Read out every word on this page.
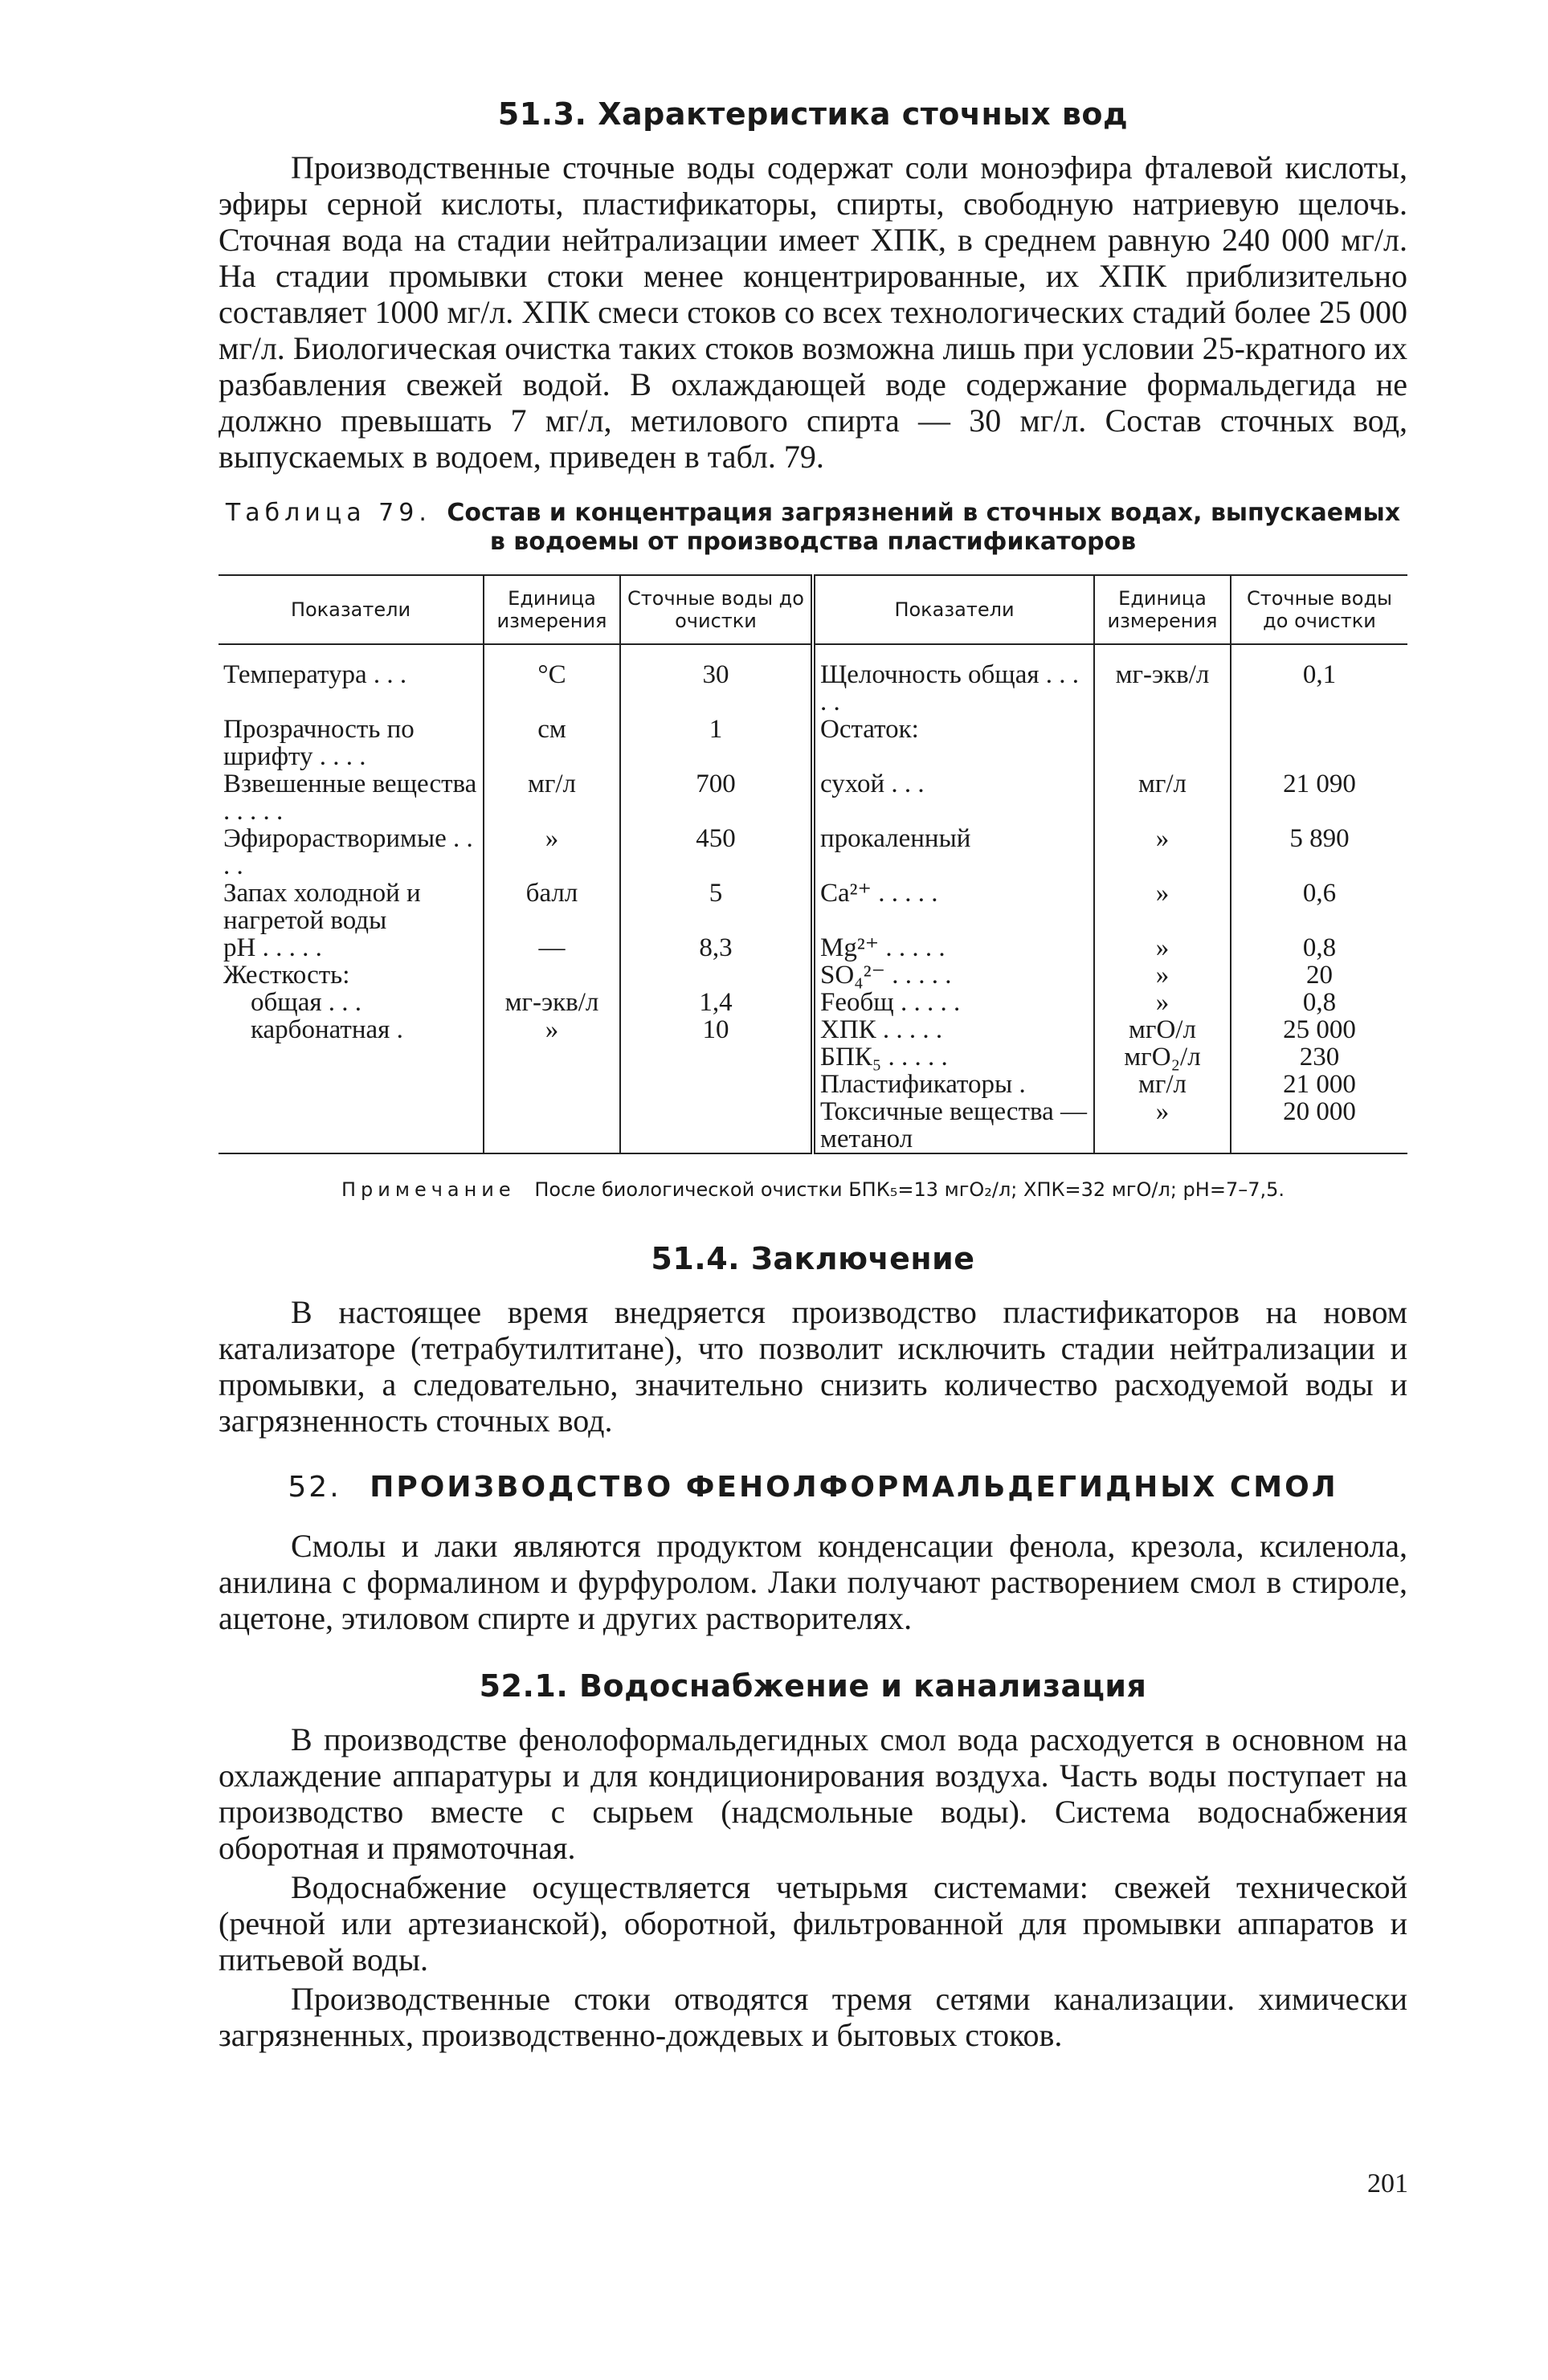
51.3. Характеристика сточных вод

Производственные сточные воды содержат соли моноэфира фталевой кислоты, эфиры серной кислоты, пластификаторы, спирты, свободную натриевую щелочь. Сточная вода на стадии нейтрализации имеет ХПК, в среднем равную 240 000 мг/л. На стадии промывки стоки менее концентрированные, их ХПК приблизительно составляет 1000 мг/л. ХПК смеси стоков со всех технологических стадий более 25 000 мг/л. Биологическая очистка таких стоков возможна лишь при условии 25-кратного их разбавления свежей водой. В охлаждающей воде содержание формальдегида не должно превышать 7 мг/л, метилового спирта — 30 мг/л. Состав сточных вод, выпускаемых в водоем, приведен в табл. 79.

Таблица 79. Состав и концентрация загрязнений в сточных водах, выпускаемых в водоемы от производства пластификаторов
Показатели	Единица измерения	Сточные воды до очистки	Показатели	Единица измерения	Сточные воды до очистки

Температура . . .	°С	30	Щелочность общая . . . . .	мг-экв/л	0,1
Прозрачность по шрифту . . . .	см	1	Остаток:		
Взвешенные вещества . . . . .	мг/л	700	сухой . . .	мг/л	21 090
Эфирорастворимые . . . .	»	450	прокаленный	»	5 890
Запах холодной и нагретой воды	балл	5	Ca²⁺ . . . . .	»	0,6
pH . . . . .	—	8,3	Mg²⁺ . . . . .	»	0,8
Жесткость:			SO₄²⁻ . . . . .	»	20
общая . . .	мг-экв/л	1,4	Feобщ . . . . .	»	0,8
карбонатная .	»	10	ХПК . . . . .	мгО/л	25 000
			БПК₅ . . . . .	мгО₂/л	230
			Пластификаторы .	мг/л	21 000
			Токсичные вещества — метанол	»	20 000
Примечание После биологической очистки БПК₅=13 мгО₂/л; ХПК=32 мгО/л; pH=7–7,5.
51.4. Заключение

В настоящее время внедряется производство пластификаторов на новом катализаторе (тетрабутилтитане), что позволит исключить стадии нейтрализации и промывки, а следовательно, значительно снизить количество расходуемой воды и загрязненность сточных вод.

52. ПРОИЗВОДСТВО ФЕНОЛФОРМАЛЬДЕГИДНЫХ СМОЛ

Смолы и лаки являются продуктом конденсации фенола, крезола, ксиленола, анилина с формалином и фурфуролом. Лаки получают растворением смол в стироле, ацетоне, этиловом спирте и других растворителях.

52.1. Водоснабжение и канализация

В производстве фенолоформальдегидных смол вода расходуется в основном на охлаждение аппаратуры и для кондиционирования воздуха. Часть воды поступает на производство вместе с сырьем (надсмольные воды). Система водоснабжения оборотная и прямоточная.

Водоснабжение осуществляется четырьмя системами: свежей технической (речной или артезианской), оборотной, фильтрованной для промывки аппаратов и питьевой воды.

Производственные стоки отводятся тремя сетями канализации. химически загрязненных, производственно-дождевых и бытовых стоков.

201
